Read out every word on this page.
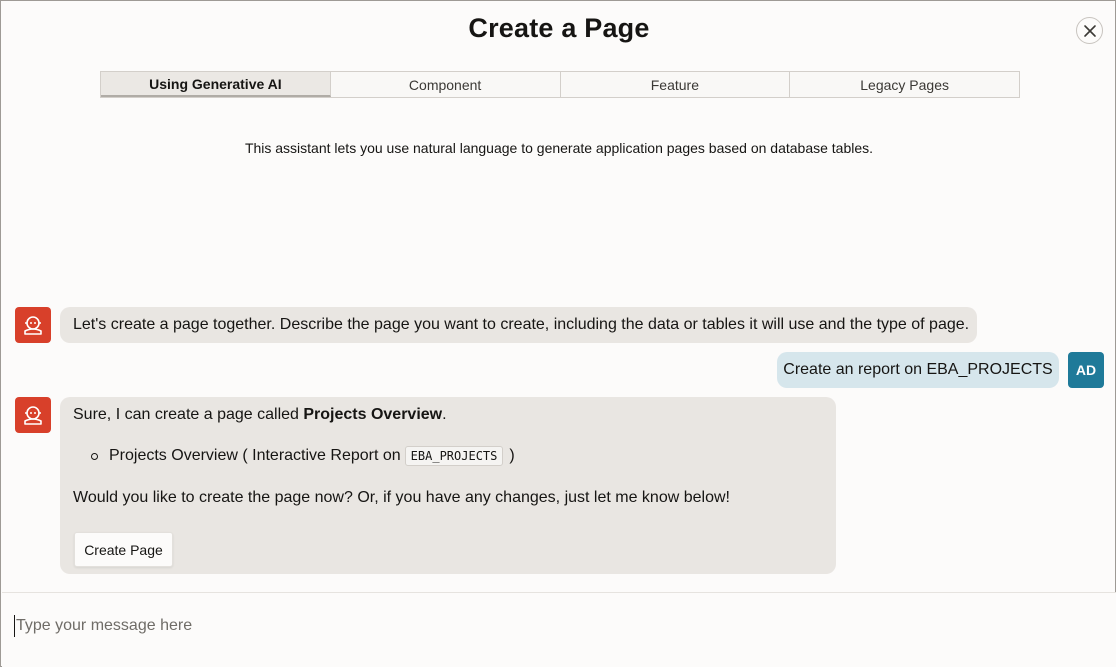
Create a Page
Using Generative AI	Component	Feature	Legacy Pages
This assistant lets you use natural language to generate application pages based on database tables.
Let's create a page together. Describe the page you want to create, including the data or tables it will use and the type of page.
Create an report on EBA_PROJECTS	AD
Sure, I can create a page called Projects Overview.
Projects Overview ( Interactive Report on EBA_PROJECTS )
Would you like to create the page now? Or, if you have any changes, just let me know below!
Create Page
Type your message here
